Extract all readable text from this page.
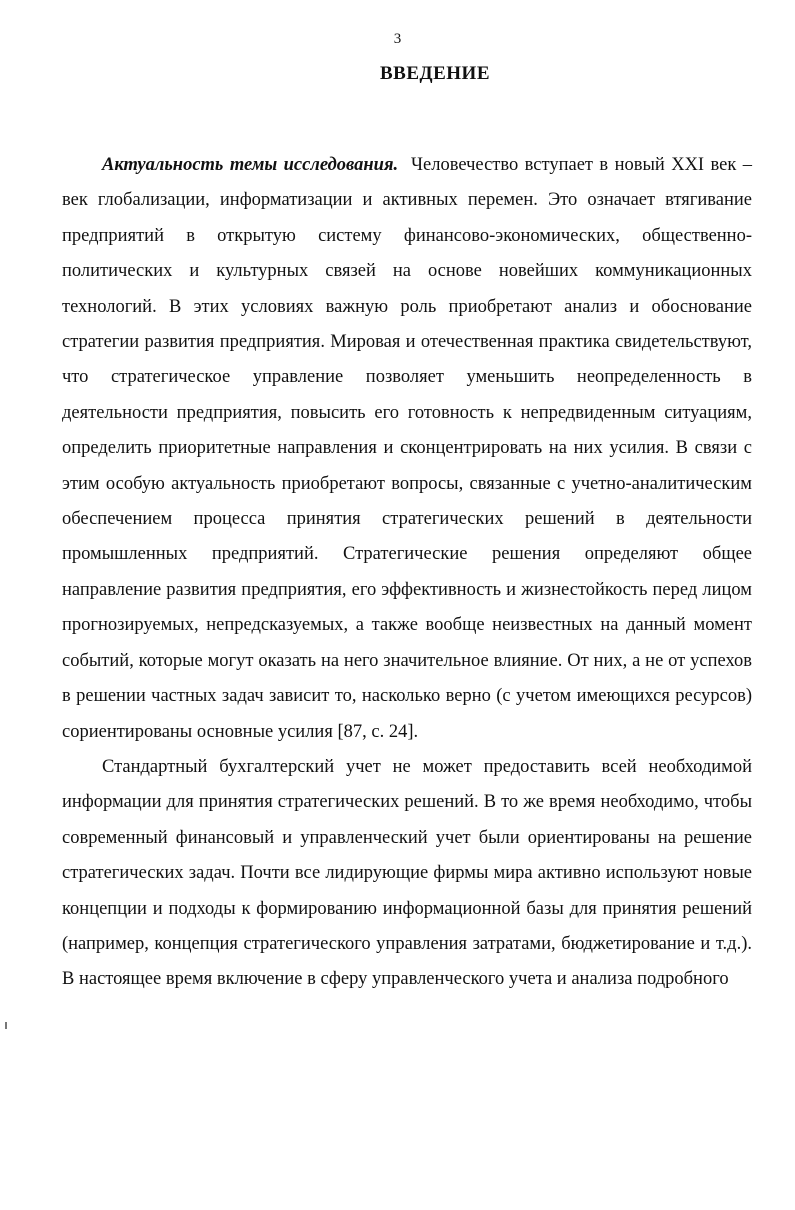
3
ВВЕДЕНИЕ

Актуальность темы исследования. Человечество вступает в новый XXI век – век глобализации, информатизации и активных перемен. Это означает втягивание предприятий в открытую систему финансово-экономических, общественно-политических и культурных связей на основе новейших коммуникационных технологий. В этих условиях важную роль приобретают анализ и обоснование стратегии развития предприятия. Мировая и отечественная практика свидетельствуют, что стратегическое управление позволяет уменьшить неопределенность в деятельности предприятия, повысить его готовность к непредвиденным ситуациям, определить приоритетные направления и сконцентрировать на них усилия. В связи с этим особую актуальность приобретают вопросы, связанные с учетно-аналитическим обеспечением процесса принятия стратегических решений в деятельности промышленных предприятий. Стратегические решения определяют общее направление развития предприятия, его эффективность и жизнестойкость перед лицом прогнозируемых, непредсказуемых, а также вообще неизвестных на данный момент событий, которые могут оказать на него значительное влияние. От них, а не от успехов в решении частных задач зависит то, насколько верно (с учетом имеющихся ресурсов) сориентированы основные усилия [87, с. 24].

Стандартный бухгалтерский учет не может предоставить всей необходимой информации для принятия стратегических решений. В то же время необходимо, чтобы современный финансовый и управленческий учет были ориентированы на решение стратегических задач. Почти все лидирующие фирмы мира активно используют новые концепции и подходы к формированию информационной базы для принятия решений (например, концепция стратегического управления затратами, бюджетирование и т.д.). В настоящее время включение в сферу управленческого учета и анализа подробного
